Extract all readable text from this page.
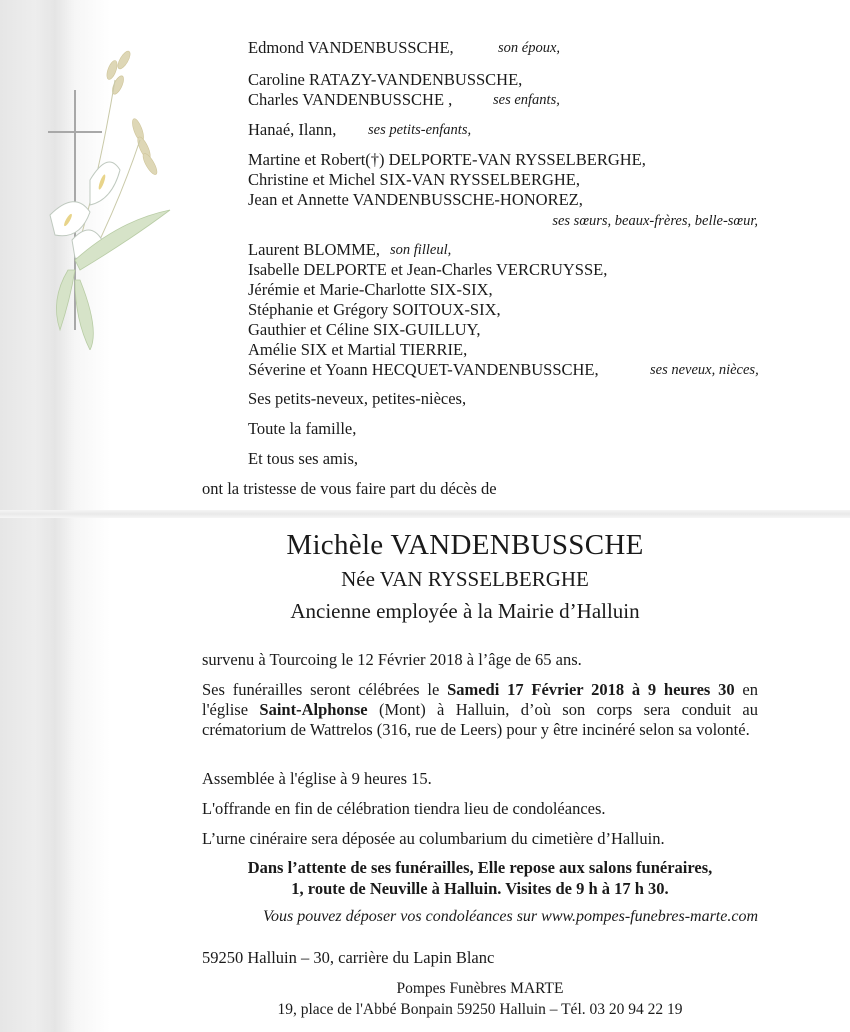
Edmond VANDENBUSSCHE,	son époux,
Caroline RATAZY-VANDENBUSSCHE,
Charles VANDENBUSSCHE ,	ses enfants,
Hanaé, Ilann, ses petits-enfants,
Martine et Robert(†) DELPORTE-VAN RYSSELBERGHE,
Christine et Michel SIX-VAN RYSSELBERGHE,
Jean et Annette VANDENBUSSCHE-HONOREZ,
ses sœurs, beaux-frères, belle-sœur,
Laurent BLOMME, son filleul,
Isabelle DELPORTE et Jean-Charles VERCRUYSSE,
Jérémie et Marie-Charlotte SIX-SIX,
Stéphanie et Grégory SOITOUX-SIX,
Gauthier et Céline SIX-GUILLUY,
Amélie SIX et Martial TIERRIE,
Séverine et Yoann HECQUET-VANDENBUSSCHE,	ses neveux, nièces,
Ses petits-neveux, petites-nièces,
Toute la famille,
Et tous ses amis,
ont la tristesse de vous faire part du décès de
Michèle VANDENBUSSCHE
Née VAN RYSSELBERGHE
Ancienne employée à la Mairie d’Halluin
survenu à Tourcoing le 12 Février 2018 à l’âge de 65 ans.
Ses funérailles seront célébrées le Samedi 17 Février 2018 à 9 heures 30 en l'église Saint-Alphonse (Mont) à Halluin, d’où son corps sera conduit au crématorium de Wattrelos (316, rue de Leers) pour y être incinéré selon sa volonté.
Assemblée à l'église à 9 heures 15.
L'offrande en fin de célébration tiendra lieu de condoléances.
L’urne cinéraire sera déposée au columbarium du cimetière d’Halluin.
Dans l’attente de ses funérailles, Elle repose aux salons funéraires,
1, route de Neuville à Halluin. Visites de 9 h à 17 h 30.
Vous pouvez déposer vos condoléances sur www.pompes-funebres-marte.com
59250 Halluin – 30, carrière du Lapin Blanc
Pompes Funèbres MARTE
19, place de l'Abbé Bonpain 59250 Halluin – Tél. 03 20 94 22 19
